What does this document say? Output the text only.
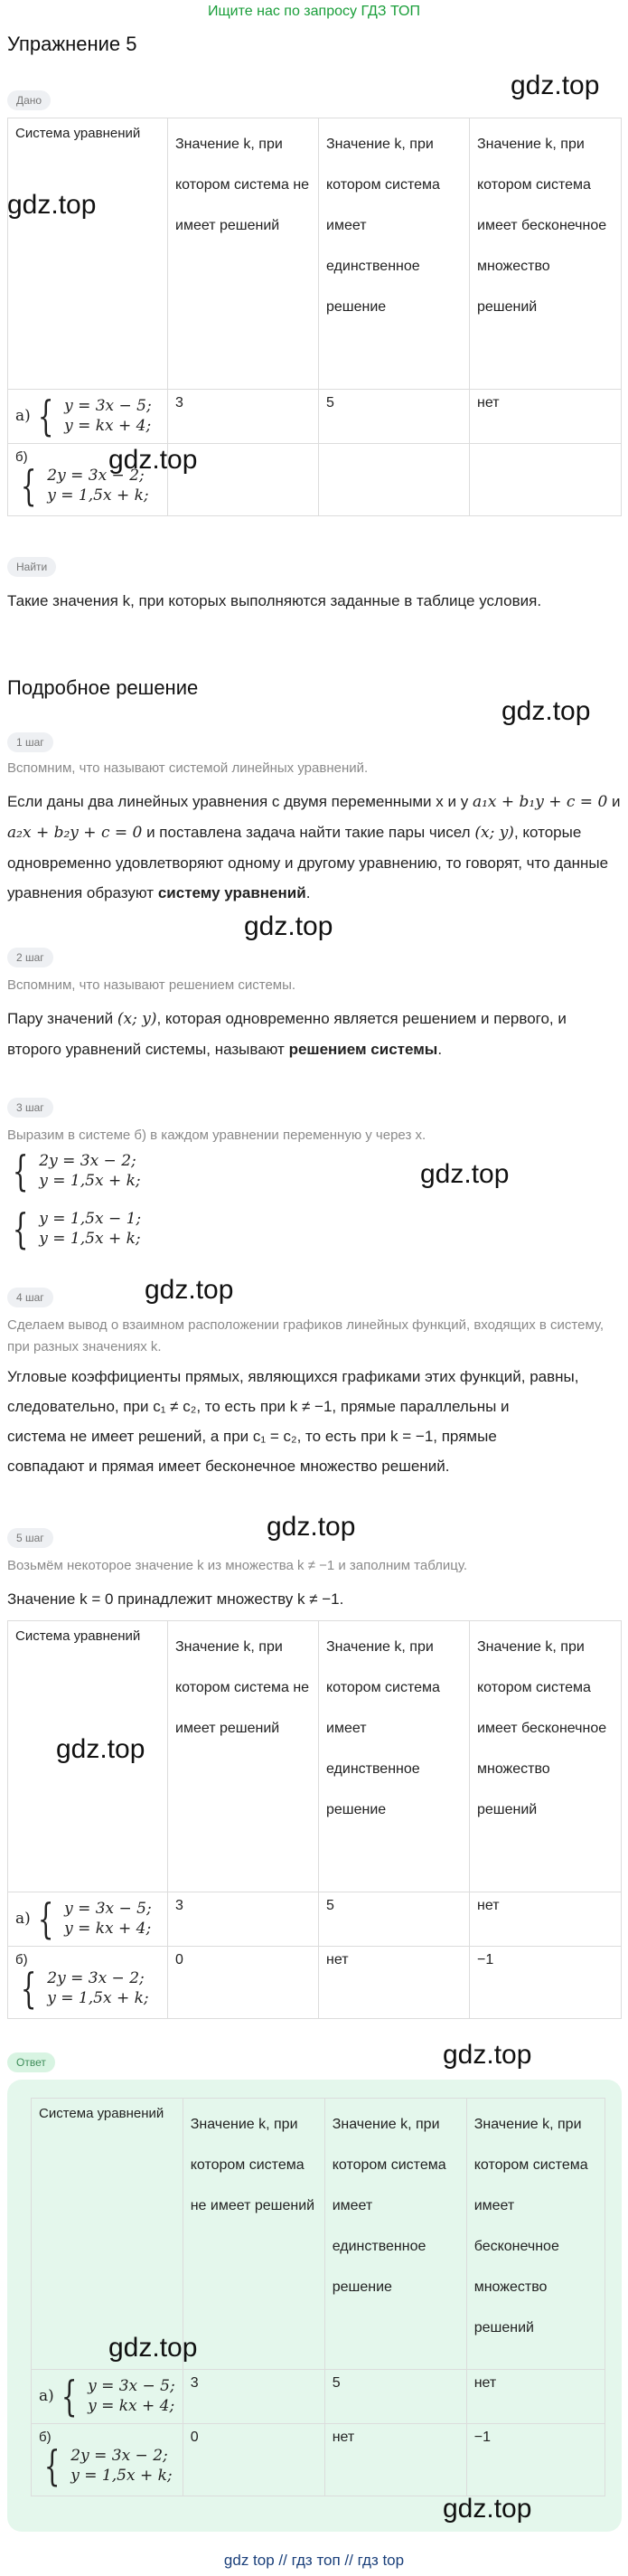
Ищите нас по запросу ГДЗ ТОП
Упражнение 5
gdz.top
Дано
Система уравнений	Значение k, при котором система не имеет решений	Значение k, при котором система имеет единственное решение	Значение k, при котором система имеет бесконечное множество решений

а) { y = 3x − 5;
y = kx + 4;	3	5	нет

б)
{ 2y = 3x − 2;
y = 1,5x + k;			

gdz.top
gdz.top
Найти
Такие значения k, при которых выполняются заданные в таблице условия.
Подробное решение
gdz.top
1 шаг
Вспомним, что называют системой линейных уравнений.
Если даны два линейных уравнения с двумя переменными x и y a₁x + b₁y + c = 0 и a₂x + b₂y + c = 0 и поставлена задача найти такие пары чисел (x; y), которые одновременно удовлетворяют одному и другому уравнению, то говорят, что данные уравнения образуют систему уравнений.
gdz.top
2 шаг
Вспомним, что называют решением системы.
Пару значений (x; y), которая одновременно является решением и первого, и второго уравнений системы, называют решением системы.
3 шаг
Выразим в системе б) в каждом уравнении переменную y через x.
{ 2y = 3x − 2;
y = 1,5x + k;
{ y = 1,5x − 1;
y = 1,5x + k;
gdz.top
gdz.top
4 шаг
Сделаем вывод о взаимном расположении графиков линейных функций, входящих в систему, при разных значениях k.
Угловые коэффициенты прямых, являющихся графиками этих функций, равны,
следовательно, при c₁ ≠ c₂, то есть при k ≠ −1, прямые параллельны и
система не имеет решений, а при c₁ = c₂, то есть при k = −1, прямые
совпадают и прямая имеет бесконечное множество решений.
gdz.top
5 шаг
Возьмём некоторое значение k из множества k ≠ −1 и заполним таблицу.
Значение k = 0 принадлежит множеству k ≠ −1.
Система уравнений	Значение k, при котором система не имеет решений	Значение k, при котором система имеет единственное решение	Значение k, при котором система имеет бесконечное множество решений

а) { y = 3x − 5;
y = kx + 4;	3	5	нет

б)
{ 2y = 3x − 2;
y = 1,5x + k;	0	нет	−1
gdz.top
gdz.top
Ответ
Система уравнений	Значение k, при котором система не имеет решений	Значение k, при котором система имеет единственное решение	Значение k, при котором система имеет бесконечное множество решений

а) { y = 3x − 5;
y = kx + 4;	3	5	нет

б)
{ 2y = 3x − 2;
y = 1,5x + k;	0	нет	−1
gdz.top
gdz.top
gdz top // гдз топ // гдз top
